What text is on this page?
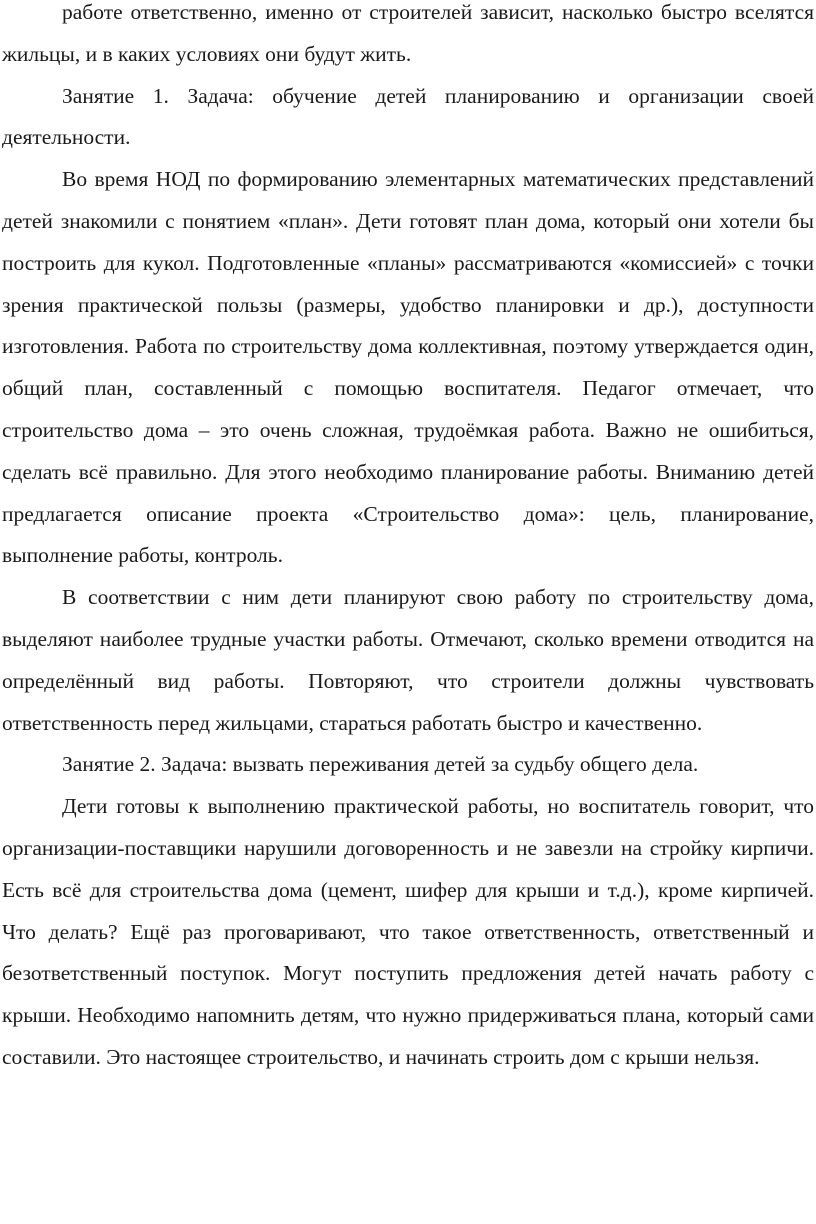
работе ответственно, именно от строителей зависит, насколько быстро вселятся жильцы, и в каких условиях они будут жить.

Занятие 1. Задача: обучение детей планированию и организации своей деятельности.

Во время НОД по формированию элементарных математических представлений детей знакомили с понятием «план». Дети готовят план дома, который они хотели бы построить для кукол. Подготовленные «планы» рассматриваются «комиссией» с точки зрения практической пользы (размеры, удобство планировки и др.), доступности изготовления. Работа по строительству дома коллективная, поэтому утверждается один, общий план, составленный с помощью воспитателя. Педагог отмечает, что строительство дома – это очень сложная, трудоёмкая работа. Важно не ошибиться, сделать всё правильно. Для этого необходимо планирование работы. Вниманию детей предлагается описание проекта «Строительство дома»: цель, планирование, выполнение работы, контроль.

В соответствии с ним дети планируют свою работу по строительству дома, выделяют наиболее трудные участки работы. Отмечают, сколько времени отводится на определённый вид работы. Повторяют, что строители должны чувствовать ответственность перед жильцами, стараться работать быстро и качественно.

Занятие 2. Задача: вызвать переживания детей за судьбу общего дела.

Дети готовы к выполнению практической работы, но воспитатель говорит, что организации-поставщики нарушили договоренность и не завезли на стройку кирпичи. Есть всё для строительства дома (цемент, шифер для крыши и т.д.), кроме кирпичей. Что делать? Ещё раз проговаривают, что такое ответственность, ответственный и безответственный поступок. Могут поступить предложения детей начать работу с крыши. Необходимо напомнить детям, что нужно придерживаться плана, который сами составили. Это настоящее строительство, и начинать строить дом с крыши нельзя.
